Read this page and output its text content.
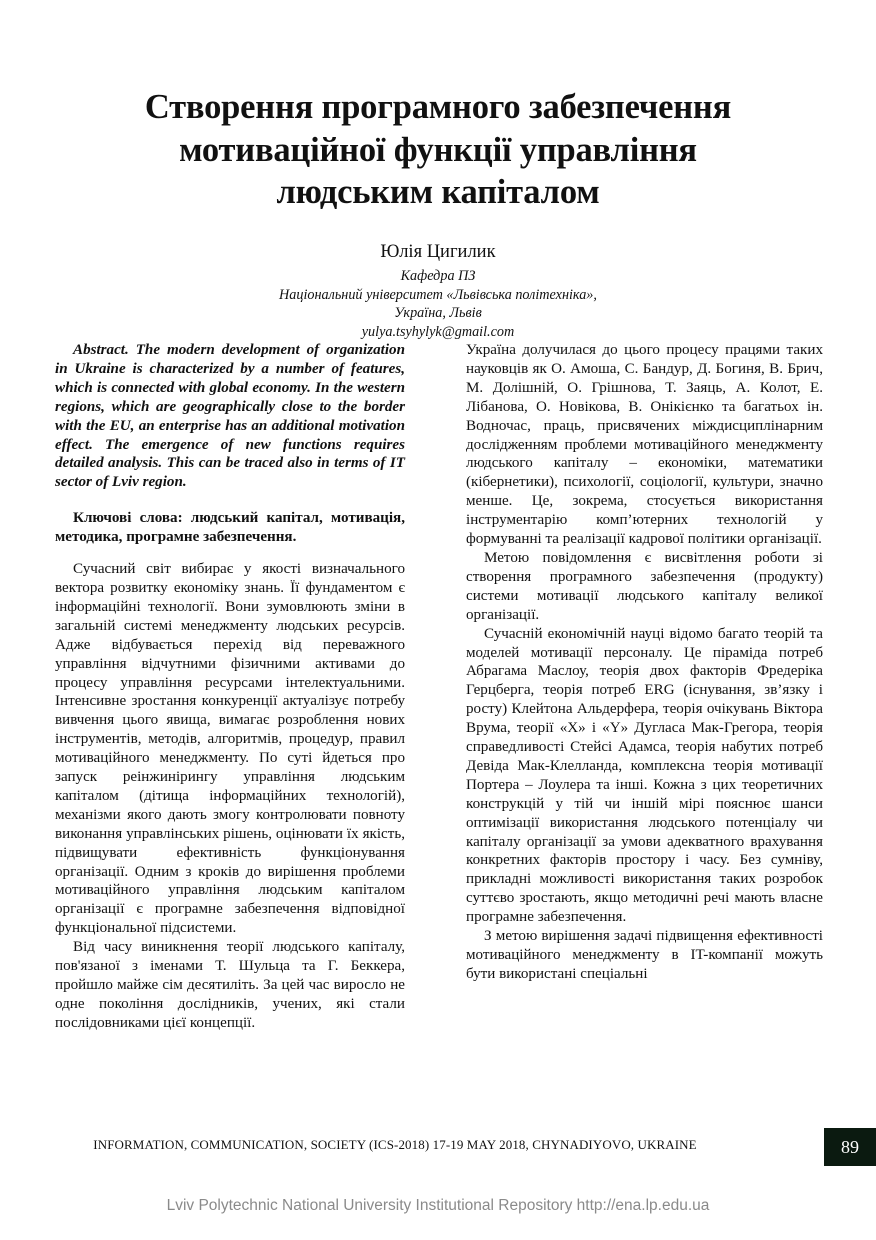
Створення програмного забезпечення
мотиваційної функції управління
людським капіталом
Юлія Цигилик
Кафедра ПЗ
Національний університет «Львівська політехніка»,
Україна, Львів
yulya.tsyhylyk@gmail.com

Abstract. The modern development of organization in Ukraine is characterized by a number of features, which is connected with global economy. In the western regions, which are geographically close to the border with the EU, an enterprise has an additional motivation effect. The emergence of new functions requires detailed analysis. This can be traced also in terms of IT sector of Lviv region.

Ключові слова: людський капітал, мотивація, методика, програмне забезпечення.

Сучасний світ вибирає у якості визначального вектора розвитку економіку знань. Її фундаментом є інформаційні технології. Вони зумовлюють зміни в загальній системі менеджменту людських ресурсів. Адже відбувається перехід від переважного управління відчутними фізичними активами до процесу управління ресурсами інтелектуальними. Інтенсивне зростання конкуренції актуалізує потребу вивчення цього явища, вимагає розроблення нових інструментів, методів, алгоритмів, процедур, правил мотиваційного менеджменту. По суті йдеться про запуск реінжинірингу управління людським капіталом (дітища інформаційних технологій), механізми якого дають змогу контролювати повноту виконання управлінських рішень, оцінювати їх якість, підвищувати ефективність функціонування організації. Одним з кроків до вирішення проблеми мотиваційного управління людським капіталом організації є програмне забезпечення відповідної функціональної підсистеми.

Від часу виникнення теорії людського капіталу, пов'язаної з іменами Т. Шульца та Г. Беккера, пройшло майже сім десятиліть. За цей час виросло не одне покоління дослідників, учених, які стали послідовниками цієї концепції.

Україна долучилася до цього процесу працями таких науковців як О. Амоша, С. Бандур, Д. Богиня, В. Брич, М. Долішній, О. Грішнова, Т. Заяць, А. Колот, Е. Лібанова, О. Новікова, В. Онікієнко та багатьох ін. Водночас, праць, присвячених міждисциплінарним дослідженням проблеми мотиваційного менеджменту людського капіталу – економіки, математики (кібернетики), психології, соціології, культури, значно менше. Це, зокрема, стосується використання інструментарію комп’ютерних технологій у формуванні та реалізації кадрової політики організації.

Метою повідомлення є висвітлення роботи зі створення програмного забезпечення (продукту) системи мотивації людського капіталу великої організації.

Сучасній економічній науці відомо багато теорій та моделей мотивації персоналу. Це піраміда потреб Абрагама Маслоу, теорія двох факторів Фредеріка Герцберга, теорія потреб ERG (існування, зв’язку і росту) Клейтона Альдерфера, теорія очікувань Віктора Врума, теорії «X» і «Y» Дугласа Мак-Грегора, теорія справедливості Стейсі Адамса, теорія набутих потреб Девіда Мак-Клелланда, комплексна теорія мотивації Портера – Лоулера та інші. Кожна з цих теоретичних конструкцій у тій чи іншій мірі пояснює шанси оптимізації використання людського потенціалу чи капіталу організації за умови адекватного врахування конкретних факторів простору і часу. Без сумніву, прикладні можливості використання таких розробок суттєво зростають, якщо методичні речі мають власне програмне забезпечення.

З метою вирішення задачі підвищення ефективності мотиваційного менеджменту в IT-компанії можуть бути використані спеціальні

INFORMATION, COMMUNICATION, SOCIETY (ICS-2018) 17-19 MAY 2018, CHYNADIYOVO, UKRAINE	89
Lviv Polytechnic National University Institutional Repository http://ena.lp.edu.ua
